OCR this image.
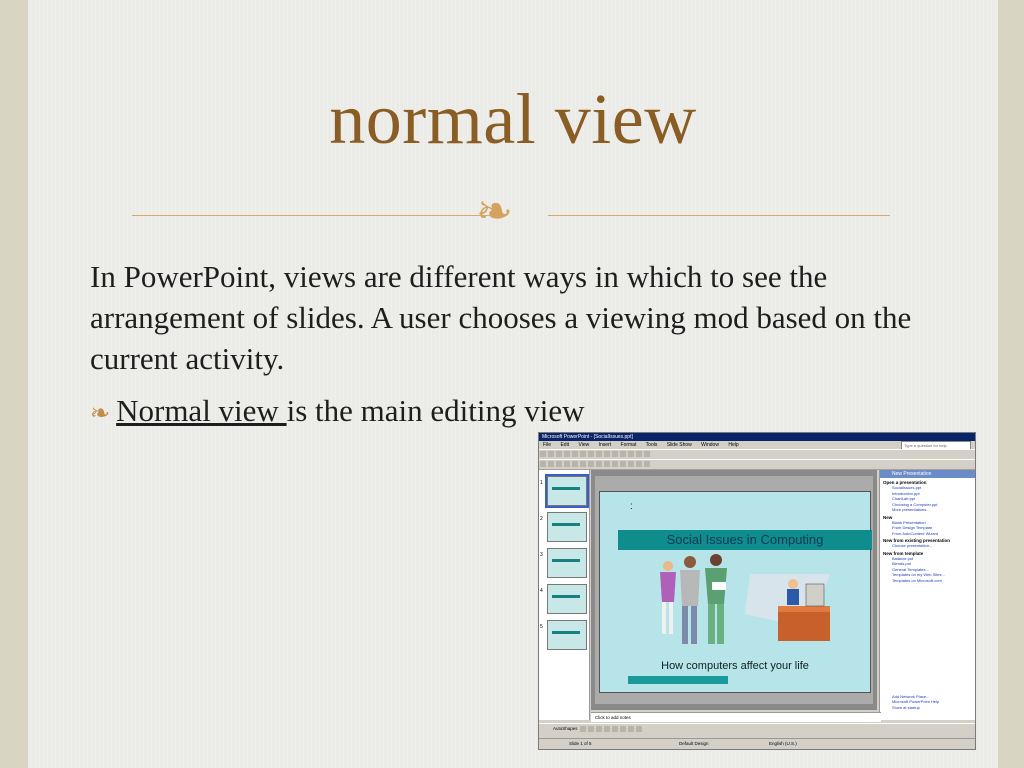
normal view
❧
In PowerPoint, views are different ways in which to see the arrangement of slides. A user chooses a viewing mod based on the current activity.
❧ Normal view is the main editing view
Microsoft PowerPoint - [SocialIssues.ppt]
File Edit View Insert Format Tools Slide Show Window Help	Type a question for help
1
2
3
4
5
:
Social Issues in Computing
How computers affect your life
New Presentation
Open a presentation
SocialIssues.ppt
Introduction.ppt
ChartLab.ppt
Choosing a Computer.ppt
More presentations...
New
Blank Presentation
From Design Template
From AutoContent Wizard
New from existing presentation
Choose presentation...
New from template
Balance.pot
Blends.pot
General Templates...
Templates on my Web Sites...
Templates on Microsoft.com
Add Network Place...
Microsoft PowerPoint Help
Show at startup
Click to add notes
AutoShapes
Slide 1 of 5	Default Design	English (U.S.)
